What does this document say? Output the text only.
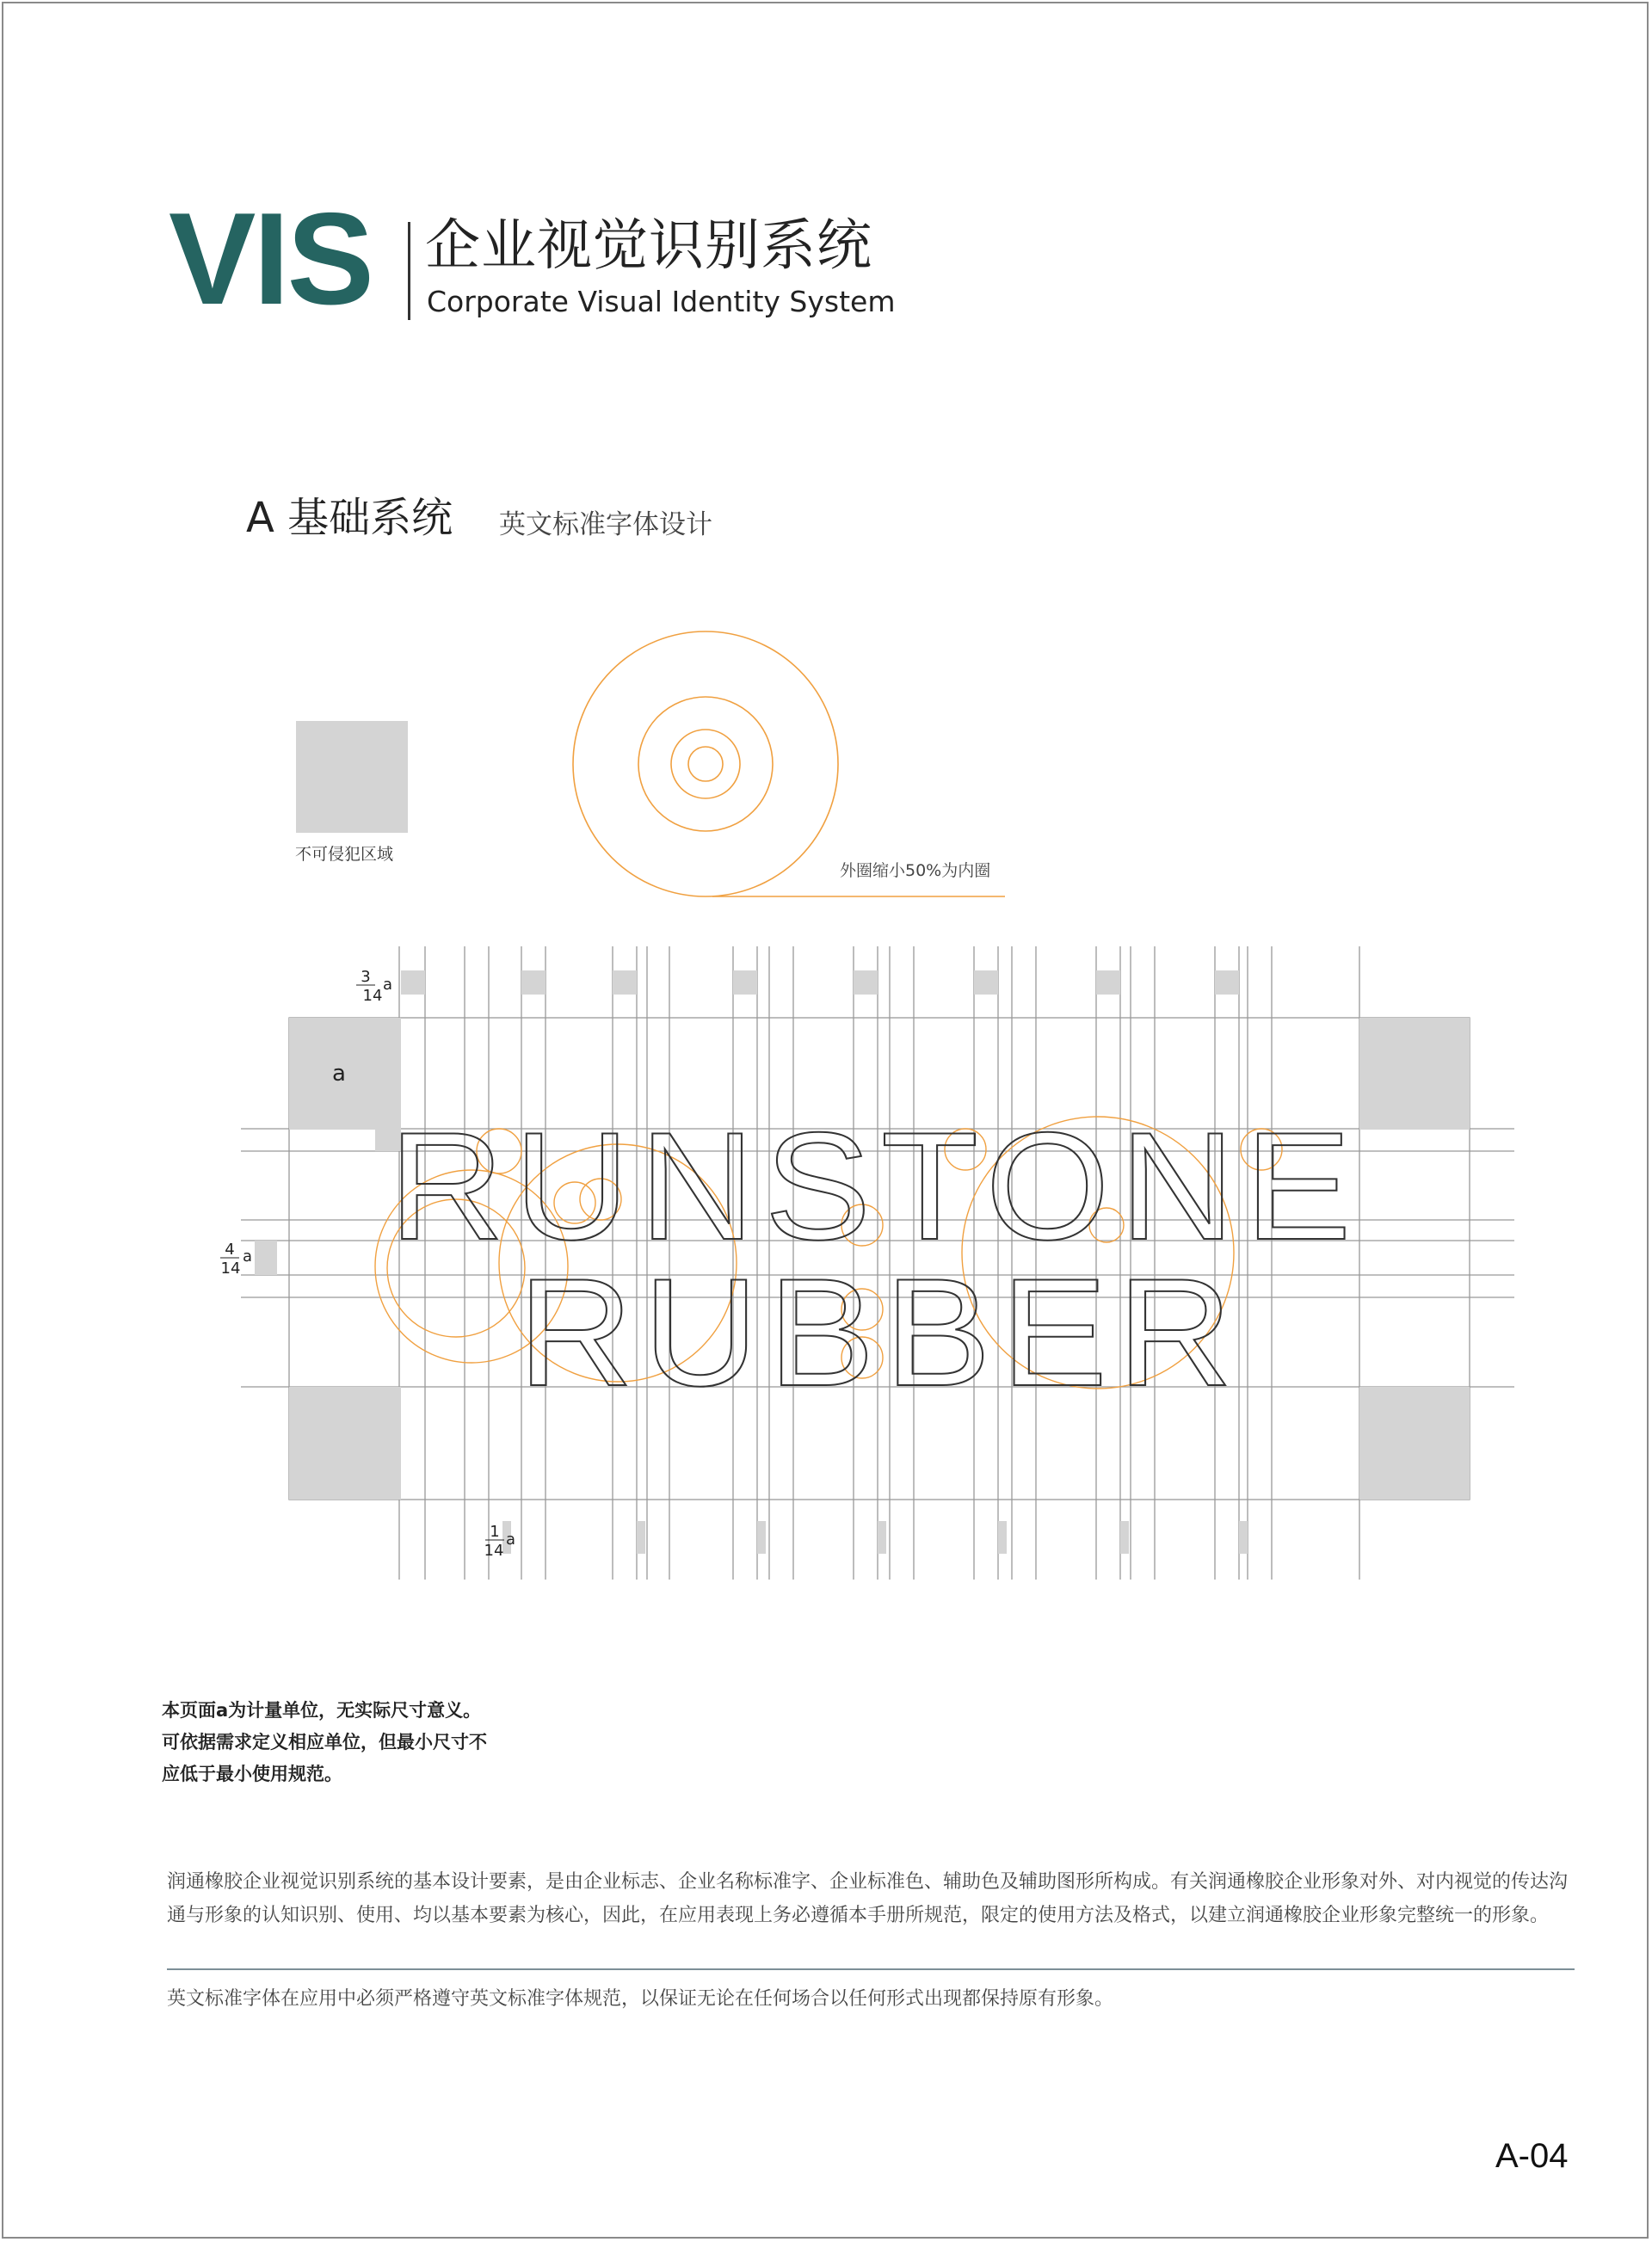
VIS 企业视觉识别系统
Corporate Visual Identity System
A 基础系统 英文标准字体设计
不可侵犯区域
外圈缩小50%为内圈
a
3
14
a
4
14
a
1
14
a
RUNSTONE
RUBBER
本页面a为计量单位，无实际尺寸意义。
可依据需求定义相应单位，但最小尺寸不
应低于最小使用规范。
润通橡胶企业视觉识别系统的基本设计要素，是由企业标志、企业名称标准字、企业标准色、辅助色及辅助图形所构成。有关润通橡胶企业形象对外、对内视觉的传达沟通与形象的认知识别、使用、均以基本要素为核心，因此，在应用表现上务必遵循本手册所规范，限定的使用方法及格式，以建立润通橡胶企业形象完整统一的形象。
英文标准字体在应用中必须严格遵守英文标准字体规范，以保证无论在任何场合以任何形式出现都保持原有形象。
A-04
